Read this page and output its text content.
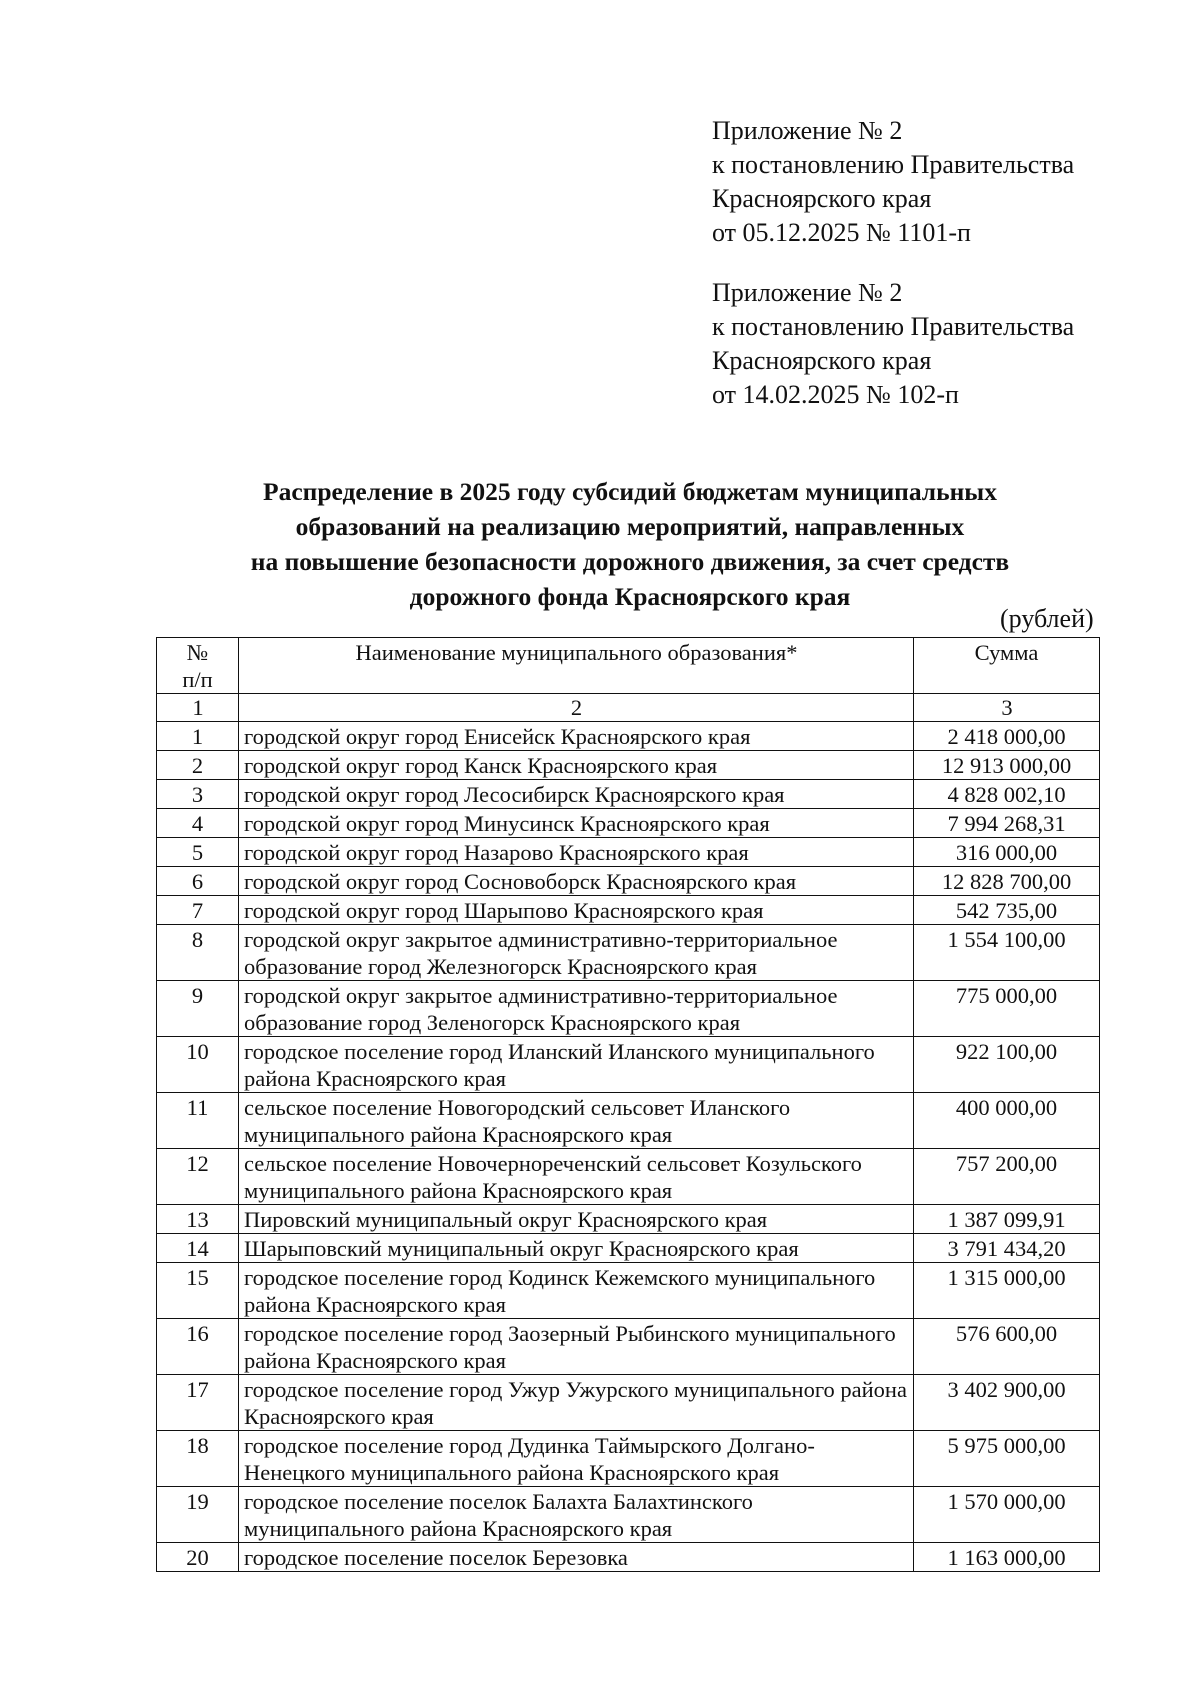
Приложение № 2
к постановлению Правительства
Красноярского края
от 05.12.2025 № 1101-п
Приложение № 2
к постановлению Правительства
Красноярского края
от 14.02.2025 № 102-п
Распределение в 2025 году субсидий бюджетам муниципальных
образований на реализацию мероприятий, направленных
на повышение безопасности дорожного движения, за счет средств
дорожного фонда Красноярского края
(рублей)
№
п/п	Наименование муниципального образования*	Сумма
1	2	3
1	городской округ город Енисейск Красноярского края	2 418 000,00
2	городской округ город Канск Красноярского края	12 913 000,00
3	городской округ город Лесосибирск Красноярского края	4 828 002,10
4	городской округ город Минусинск Красноярского края	7 994 268,31
5	городской округ город Назарово Красноярского края	316 000,00
6	городской округ город Сосновоборск Красноярского края	12 828 700,00
7	городской округ город Шарыпово Красноярского края	542 735,00
8	городской округ закрытое административно-территориальное образование город Железногорск Красноярского края	1 554 100,00
9	городской округ закрытое административно-территориальное образование город Зеленогорск Красноярского края	775 000,00
10	городское поселение город Иланский Иланского муниципального района Красноярского края	922 100,00
11	сельское поселение Новогородский сельсовет Иланского муниципального района Красноярского края	400 000,00
12	сельское поселение Новочернореченский сельсовет Козульского муниципального района Красноярского края	757 200,00
13	Пировский муниципальный округ Красноярского края	1 387 099,91
14	Шарыповский муниципальный округ Красноярского края	3 791 434,20
15	городское поселение город Кодинск Кежемского муниципального района Красноярского края	1 315 000,00
16	городское поселение город Заозерный Рыбинского муниципального района Красноярского края	576 600,00
17	городское поселение город Ужур Ужурского муниципального района Красноярского края	3 402 900,00
18	городское поселение город Дудинка Таймырского Долгано-Ненецкого муниципального района Красноярского края	5 975 000,00
19	городское поселение поселок Балахта Балахтинского муниципального района Красноярского края	1 570 000,00
20	городское поселение поселок Березовка	1 163 000,00
